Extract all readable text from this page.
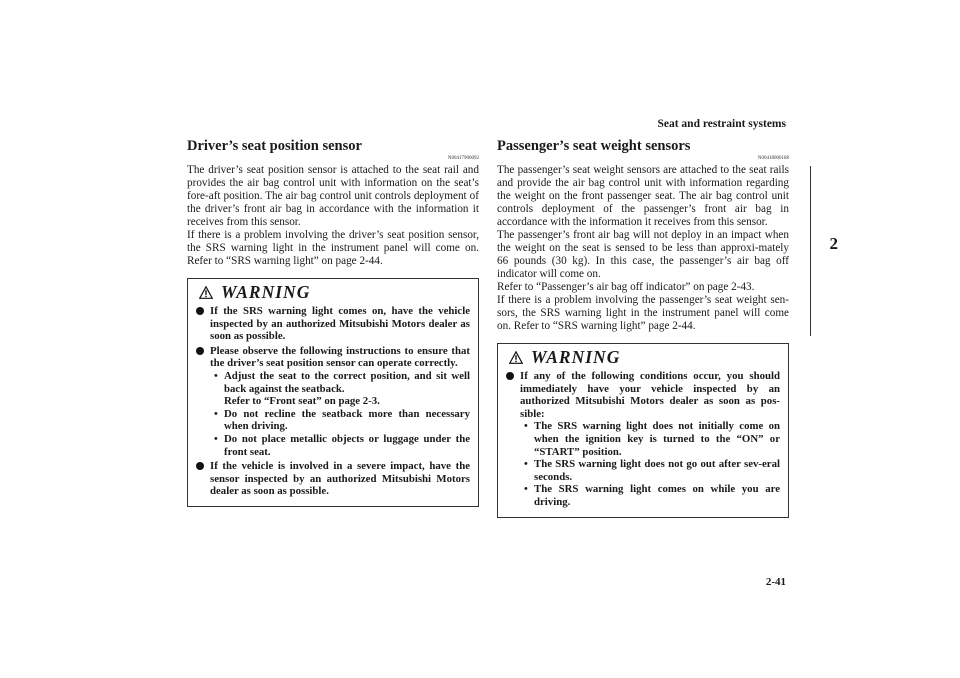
Seat and restraint systems
2
2-41
Driver’s seat position sensor
N00417900092

The driver’s seat position sensor is attached to the seat rail and provides the air bag control unit with information on the seat’s fore-aft position. The air bag control unit controls deployment of the driver’s front air bag in accordance with the information it receives from this sensor.

If there is a problem involving the driver’s seat position sensor, the SRS warning light in the instrument panel will come on. Refer to “SRS warning light” on page 2-44.

WARNING
If the SRS warning light comes on, have the vehicle inspected by an authorized Mitsubishi Motors dealer as soon as possible.
Please observe the following instructions to ensure that the driver’s seat position sensor can operate correctly.
• Adjust the seat to the correct position, and sit well back against the seatback.
Refer to “Front seat” on page 2-3.
• Do not recline the seatback more than necessary when driving.
• Do not place metallic objects or luggage under the front seat.
If the vehicle is involved in a severe impact, have the sensor inspected by an authorized Mitsubishi Motors dealer as soon as possible.
Passenger’s seat weight sensors
N00418000188

The passenger’s seat weight sensors are attached to the seat rails and provide the air bag control unit with information regarding the weight on the front passenger seat. The air bag control unit controls deployment of the passenger’s front air bag in accordance with the information it receives from this sensor.

The passenger’s front air bag will not deploy in an impact when the weight on the seat is sensed to be less than approxi-mately 66 pounds (30 kg). In this case, the passenger’s air bag off indicator will come on.

Refer to “Passenger’s air bag off indicator” on page 2-43.

If there is a problem involving the passenger’s seat weight sen-sors, the SRS warning light in the instrument panel will come on. Refer to “SRS warning light” page 2-44.

WARNING
If any of the following conditions occur, you should immediately have your vehicle inspected by an authorized Mitsubishi Motors dealer as soon as pos-sible:
• The SRS warning light does not initially come on when the ignition key is turned to the “ON” or “START” position.
• The SRS warning light does not go out after sev-eral seconds.
• The SRS warning light comes on while you are driving.
